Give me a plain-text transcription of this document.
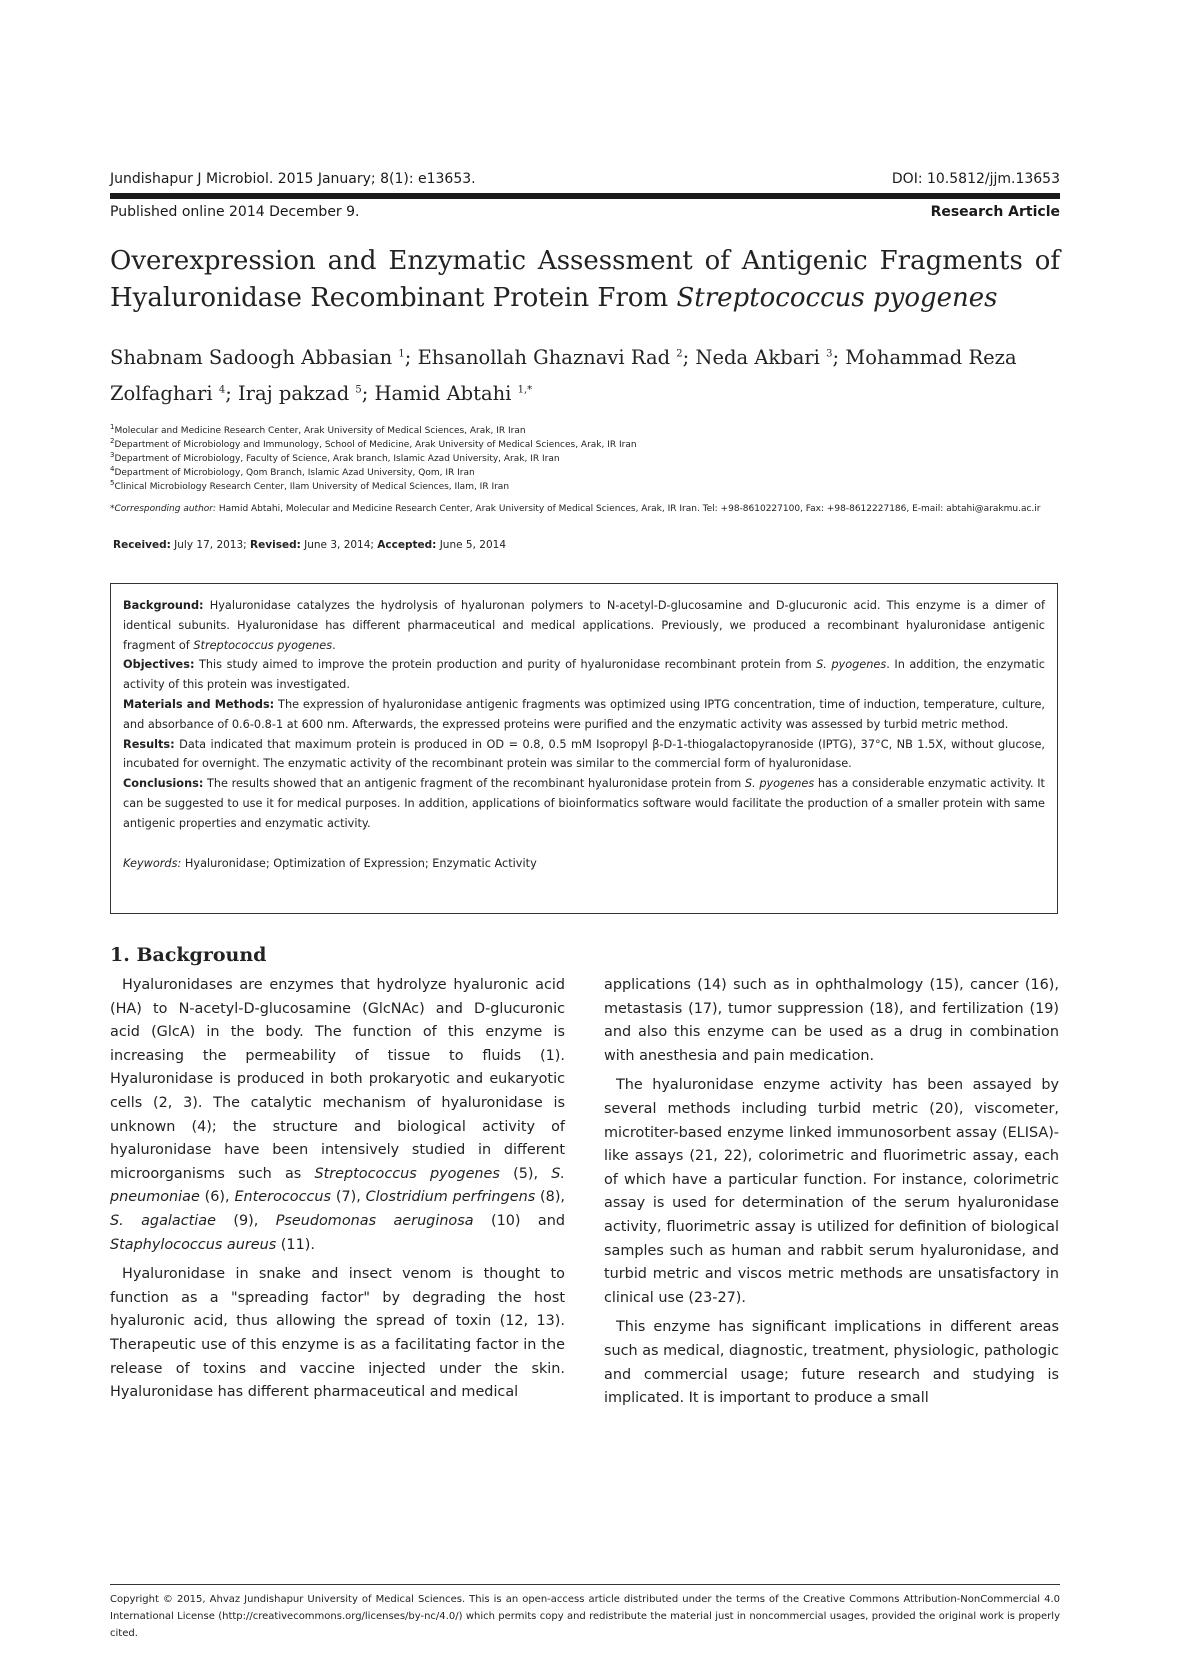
Jundishapur J Microbiol. 2015 January; 8(1): e13653.	DOI: 10.5812/jjm.13653
Published online 2014 December 9.	Research Article
Overexpression and Enzymatic Assessment of Antigenic Fragments of Hyaluronidase Recombinant Protein From Streptococcus pyogenes
Shabnam Sadoogh Abbasian $^1$; Ehsanollah Ghaznavi Rad $^2$; Neda Akbari $^3$; Mohammad Reza Zolfaghari $^4$; Iraj pakzad $^5$; Hamid Abtahi $^{1,*}$
$^1$Molecular and Medicine Research Center, Arak University of Medical Sciences, Arak, IR Iran
$^2$Department of Microbiology and Immunology, School of Medicine, Arak University of Medical Sciences, Arak, IR Iran
$^3$Department of Microbiology, Faculty of Science, Arak branch, Islamic Azad University, Arak, IR Iran
$^4$Department of Microbiology, Qom Branch, Islamic Azad University, Qom, IR Iran
$^5$Clinical Microbiology Research Center, Ilam University of Medical Sciences, Ilam, IR Iran
*Corresponding author: Hamid Abtahi, Molecular and Medicine Research Center, Arak University of Medical Sciences, Arak, IR Iran. Tel: +98-8610227100, Fax: +98-8612227186, E-mail: abtahi@arakmu.ac.ir
Received: July 17, 2013; Revised: June 3, 2014; Accepted: June 5, 2014

Background: Hyaluronidase catalyzes the hydrolysis of hyaluronan polymers to N-acetyl-D-glucosamine and D-glucuronic acid. This enzyme is a dimer of identical subunits. Hyaluronidase has different pharmaceutical and medical applications. Previously, we produced a recombinant hyaluronidase antigenic fragment of Streptococcus pyogenes.

Objectives: This study aimed to improve the protein production and purity of hyaluronidase recombinant protein from S. pyogenes. In addition, the enzymatic activity of this protein was investigated.

Materials and Methods: The expression of hyaluronidase antigenic fragments was optimized using IPTG concentration, time of induction, temperature, culture, and absorbance of 0.6-0.8-1 at 600 nm. Afterwards, the expressed proteins were purified and the enzymatic activity was assessed by turbid metric method.

Results: Data indicated that maximum protein is produced in OD = 0.8, 0.5 mM Isopropyl β-D-1-thiogalactopyranoside (IPTG), 37°C, NB 1.5X, without glucose, incubated for overnight. The enzymatic activity of the recombinant protein was similar to the commercial form of hyaluronidase.

Conclusions: The results showed that an antigenic fragment of the recombinant hyaluronidase protein from S. pyogenes has a considerable enzymatic activity. It can be suggested to use it for medical purposes. In addition, applications of bioinformatics software would facilitate the production of a smaller protein with same antigenic properties and enzymatic activity.

Keywords: Hyaluronidase; Optimization of Expression; Enzymatic Activity

1. Background

Hyaluronidases are enzymes that hydrolyze hyaluronic acid (HA) to N-acetyl-D-glucosamine (GlcNAc) and D-glucuronic acid (GlcA) in the body. The function of this enzyme is increasing the permeability of tissue to fluids (1). Hyaluronidase is produced in both prokaryotic and eukaryotic cells (2, 3). The catalytic mechanism of hyaluronidase is unknown (4); the structure and biological activity of hyaluronidase have been intensively studied in different microorganisms such as Streptococcus pyogenes (5), S. pneumoniae (6), Enterococcus (7), Clostridium perfringens (8), S. agalactiae (9), Pseudomonas aeruginosa (10) and Staphylococcus aureus (11).

Hyaluronidase in snake and insect venom is thought to function as a "spreading factor" by degrading the host hyaluronic acid, thus allowing the spread of toxin (12, 13). Therapeutic use of this enzyme is as a facilitating factor in the release of toxins and vaccine injected under the skin. Hyaluronidase has different pharmaceutical and medical

applications (14) such as in ophthalmology (15), cancer (16), metastasis (17), tumor suppression (18), and fertilization (19) and also this enzyme can be used as a drug in combination with anesthesia and pain medication.

The hyaluronidase enzyme activity has been assayed by several methods including turbid metric (20), viscometer, microtiter-based enzyme linked immunosorbent assay (ELISA)-like assays (21, 22), colorimetric and fluorimetric assay, each of which have a particular function. For instance, colorimetric assay is used for determination of the serum hyaluronidase activity, fluorimetric assay is utilized for definition of biological samples such as human and rabbit serum hyaluronidase, and turbid metric and viscos metric methods are unsatisfactory in clinical use (23-27).

This enzyme has significant implications in different areas such as medical, diagnostic, treatment, physiologic, pathologic and commercial usage; future research and studying is implicated. It is important to produce a small

Copyright © 2015, Ahvaz Jundishapur University of Medical Sciences. This is an open-access article distributed under the terms of the Creative Commons Attribution-NonCommercial 4.0 International License (http://creativecommons.org/licenses/by-nc/4.0/) which permits copy and redistribute the material just in noncommercial usages, provided the original work is properly cited.
